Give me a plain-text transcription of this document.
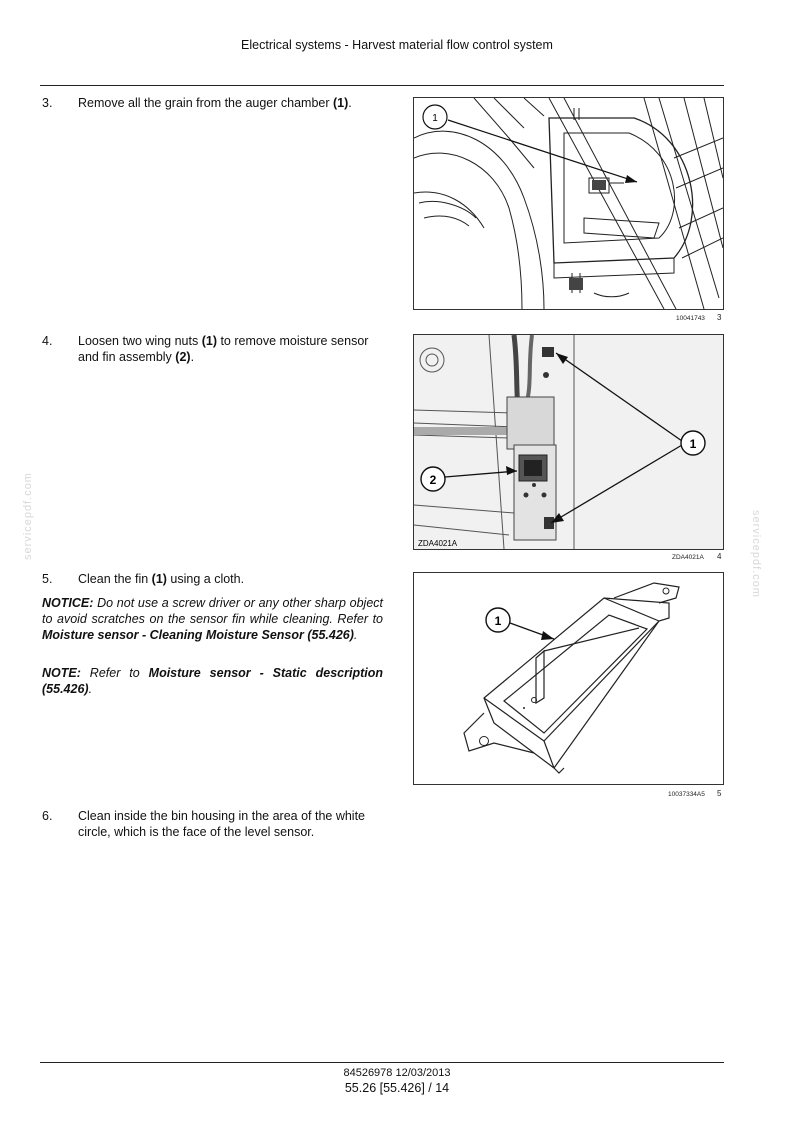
Electrical systems - Harvest material flow control system
3. Remove all the grain from the auger chamber (1).
1
10041743 3
4. Loosen two wing nuts (1) to remove moisture sensor and fin assembly (2).
1
2
ZDA4021A
ZDA4021A 4
5. Clean the fin (1) using a cloth.
NOTICE: Do not use a screw driver or any other sharp object to avoid scratches on the sensor fin while cleaning. Refer to Moisture sensor - Cleaning Moisture Sensor (55.426).
NOTE: Refer to Moisture sensor - Static description (55.426).
1
10037334A5 5
6. Clean inside the bin housing in the area of the white circle, which is the face of the level sensor.
servicepdf.com	servicepdf.com
84526978 12/03/2013
55.26 [55.426] / 14
